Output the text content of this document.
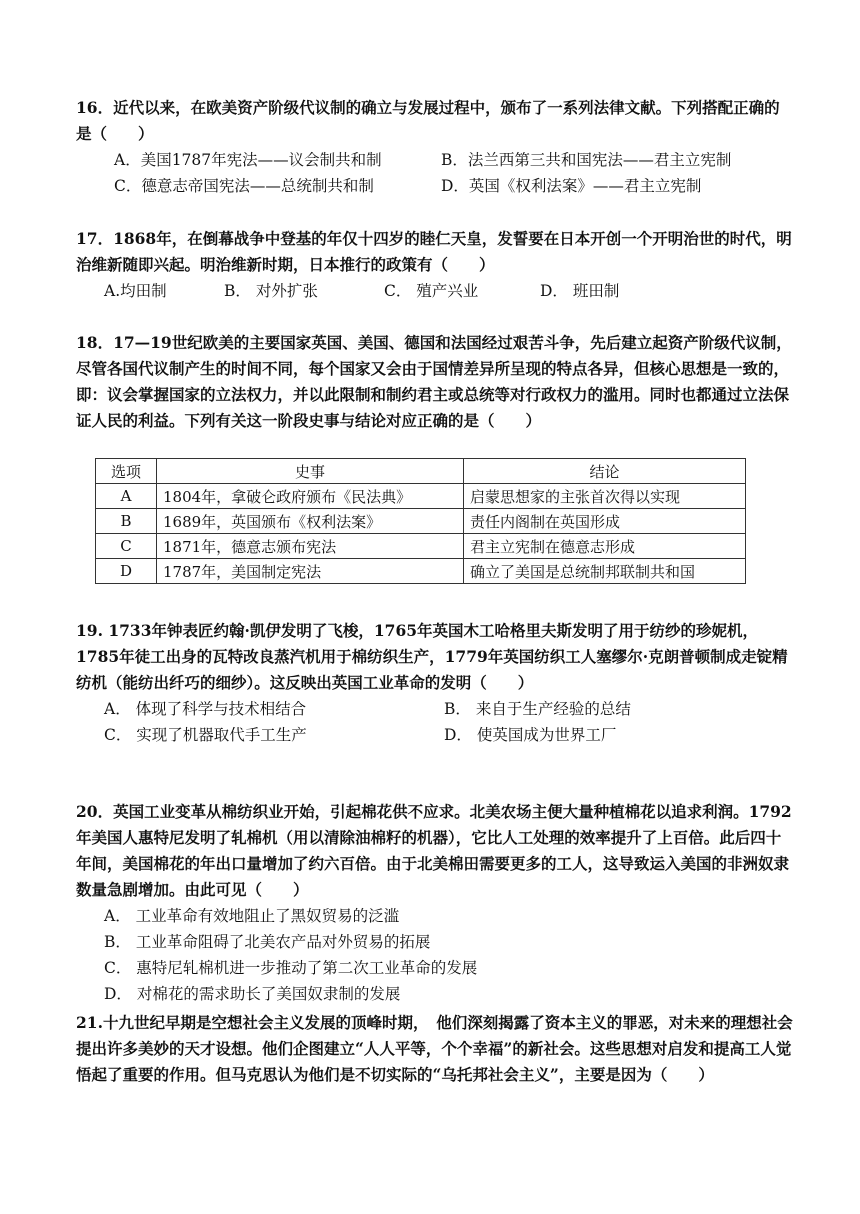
16．近代以来，在欧美资产阶级代议制的确立与发展过程中，颁布了一系列法律文献。下列搭配正确的是（　　）

A．美国1787年宪法——议会制共和制	B．法兰西第三共和国宪法——君主立宪制
C．德意志帝国宪法——总统制共和制	D．英国《权利法案》——君主立宪制

17．1868年，在倒幕战争中登基的年仅十四岁的睦仁天皇，发誓要在日本开创一个开明治世的时代，明治维新随即兴起。明治维新时期，日本推行的政策有（　　）

A.均田制	B． 对外扩张	C． 殖产兴业	D． 班田制

18．17—19世纪欧美的主要国家英国、美国、德国和法国经过艰苦斗争，先后建立起资产阶级代议制，尽管各国代议制产生的时间不同，每个国家又会由于国情差异所呈现的特点各异，但核心思想是一致的，即：议会掌握国家的立法权力，并以此限制和制约君主或总统等对行政权力的滥用。同时也都通过立法保证人民的利益。下列有关这一阶段史事与结论对应正确的是（　　）

选项	史事	结论
A	1804年，拿破仑政府颁布《民法典》	启蒙思想家的主张首次得以实现
B	1689年，英国颁布《权利法案》	责任内阁制在英国形成
C	1871年，德意志颁布宪法	君主立宪制在德意志形成
D	1787年，美国制定宪法	确立了美国是总统制邦联制共和国

19. 1733年钟表匠约翰·凯伊发明了飞梭，1765年英国木工哈格里夫斯发明了用于纺纱的珍妮机，1785年徒工出身的瓦特改良蒸汽机用于棉纺织生产，1779年英国纺织工人塞缪尔·克朗普顿制成走锭精纺机（能纺出纤巧的细纱）。这反映出英国工业革命的发明（　　）

A． 体现了科学与技术相结合	B． 来自于生产经验的总结
C． 实现了机器取代手工生产	D． 使英国成为世界工厂

20．英国工业变革从棉纺织业开始，引起棉花供不应求。北美农场主便大量种植棉花以追求利润。1792年美国人惠特尼发明了轧棉机（用以清除油棉籽的机器），它比人工处理的效率提升了上百倍。此后四十年间，美国棉花的年出口量增加了约六百倍。由于北美棉田需要更多的工人，这导致运入美国的非洲奴隶数量急剧增加。由此可见（　　）

A． 工业革命有效地阻止了黑奴贸易的泛滥
B． 工业革命阻碍了北美农产品对外贸易的拓展
C． 惠特尼轧棉机进一步推动了第二次工业革命的发展
D． 对棉花的需求助长了美国奴隶制的发展

21.十九世纪早期是空想社会主义发展的顶峰时期，　他们深刻揭露了资本主义的罪恶，对未来的理想社会提出许多美妙的天才设想。他们企图建立“人人平等，个个幸福”的新社会。这些思想对启发和提高工人觉悟起了重要的作用。但马克思认为他们是不切实际的“乌托邦社会主义”，主要是因为（　　）
